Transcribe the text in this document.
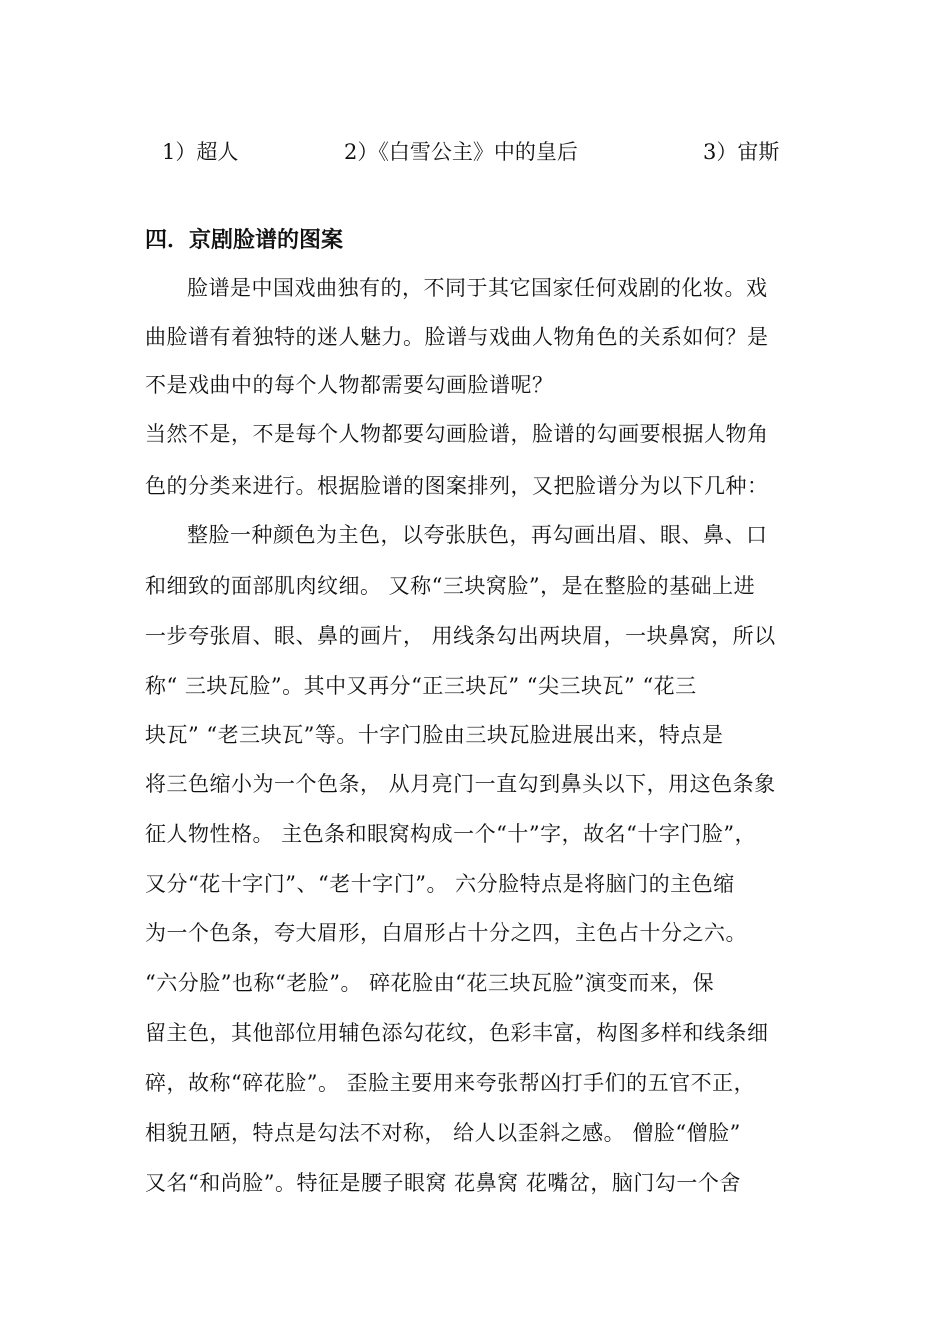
1）超人	2）《白雪公主》中的皇后	3）宙斯
四．京剧脸谱的图案
脸谱是中国戏曲独有的，不同于其它国家任何戏剧的化妆。戏
曲脸谱有着独特的迷人魅力。脸谱与戏曲人物角色的关系如何？是
不是戏曲中的每个人物都需要勾画脸谱呢？
当然不是，不是每个人物都要勾画脸谱，脸谱的勾画要根据人物角
色的分类来进行。根据脸谱的图案排列，又把脸谱分为以下几种：
整脸一种颜色为主色，以夸张肤色，再勾画出眉、眼、鼻、口
和细致的面部肌肉纹细。 又称“三块窝脸”，是在整脸的基础上进
一步夸张眉、眼、鼻的画片， 用线条勾出两块眉，一块鼻窝，所以
称“ 三块瓦脸”。其中又再分“正三块瓦” “尖三块瓦” “花三
块瓦” “老三块瓦”等。十字门脸由三块瓦脸进展出来，特点是
将三色缩小为一个色条， 从月亮门一直勾到鼻头以下，用这色条象
征人物性格。 主色条和眼窝构成一个“十”字，故名“十字门脸”，
又分“花十字门”、“老十字门”。 六分脸特点是将脑门的主色缩
为一个色条，夸大眉形，白眉形占十分之四，主色占十分之六。
“六分脸”也称“老脸”。 碎花脸由“花三块瓦脸”演变而来，保
留主色，其他部位用辅色添勾花纹，色彩丰富，构图多样和线条细
碎，故称“碎花脸”。 歪脸主要用来夸张帮凶打手们的五官不正，
相貌丑陋，特点是勾法不对称， 给人以歪斜之感。 僧脸“僧脸”
又名“和尚脸”。特征是腰子眼窝 花鼻窝 花嘴岔，脑门勾一个舍
